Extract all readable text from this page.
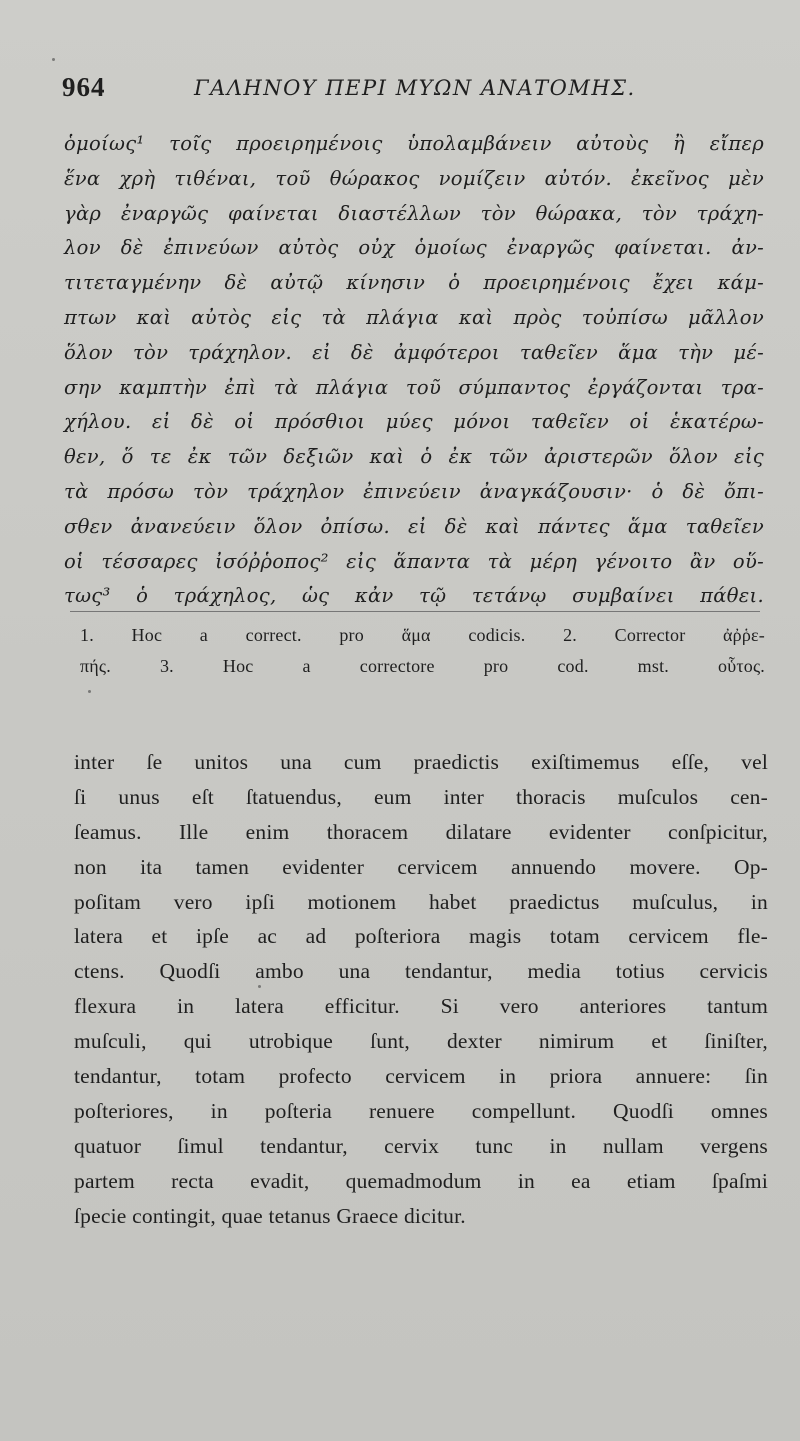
964	ΓΑΛΗΝΟΥ ΠΕΡΙ ΜΥΩΝ ΑΝΑΤΟΜΗΣ.
ὁμοίως¹ τοῖς προειρημένοις ὑπολαμβάνειν αὐτοὺς ἢ εἴπερ
ἕνα χρὴ τιθέναι, τοῦ θώρακος νομίζειν αὐτόν. ἐκεῖνος μὲν
γὰρ ἐναργῶς φαίνεται διαστέλλων τὸν θώρακα, τὸν τράχη-
λον δὲ ἐπινεύων αὐτὸς οὐχ ὁμοίως ἐναργῶς φαίνεται. ἀν-
τιτεταγμένην δὲ αὐτῷ κίνησιν ὁ προειρημένοις ἔχει κάμ-
πτων καὶ αὐτὸς εἰς τὰ πλάγια καὶ πρὸς τοὐπίσω μᾶλλον
ὅλον τὸν τράχηλον. εἰ δὲ ἀμφότεροι ταθεῖεν ἅμα τὴν μέ-
σην καμπτὴν ἐπὶ τὰ πλάγια τοῦ σύμπαντος ἐργάζονται τρα-
χήλου. εἰ δὲ οἱ πρόσθιοι μύες μόνοι ταθεῖεν οἱ ἑκατέρω-
θεν, ὅ τε ἐκ τῶν δεξιῶν καὶ ὁ ἐκ τῶν ἀριστερῶν ὅλον εἰς
τὰ πρόσω τὸν τράχηλον ἐπινεύειν ἀναγκάζουσιν· ὁ δὲ ὄπι-
σθεν ἀνανεύειν ὅλον ὀπίσω. εἰ δὲ καὶ πάντες ἅμα ταθεῖεν
οἱ τέσσαρες ἰσόῤῥοπος² εἰς ἅπαντα τὰ μέρη γένοιτο ἂν οὕ-
τως³ ὁ τράχηλος, ὡς κἀν τῷ τετάνῳ συμβαίνει πάθει.
1. Hoc a correct. pro ἅμα codicis. 2. Corrector ἀῤῥε-
πής. 3. Hoc a correctore pro cod. mst. οὗτος.
inter ſe unitos una cum praedictis exiſtimemus eſſe, vel
ſi unus eſt ſtatuendus, eum inter thoracis muſculos cen-
ſeamus. Ille enim thoracem dilatare evidenter conſpicitur,
non ita tamen evidenter cervicem annuendo movere. Op-
poſitam vero ipſi motionem habet praedictus muſculus, in
latera et ipſe ac ad poſteriora magis totam cervicem fle-
ctens. Quodſi ambo una tendantur, media totius cervicis
flexura in latera efficitur. Si vero anteriores tantum
muſculi, qui utrobique ſunt, dexter nimirum et ſiniſter,
tendantur, totam profecto cervicem in priora annuere: ſin
poſteriores, in poſteria renuere compellunt. Quodſi omnes
quatuor ſimul tendantur, cervix tunc in nullam vergens
partem recta evadit, quemadmodum in ea etiam ſpaſmi
ſpecie contingit, quae tetanus Graece dicitur.
